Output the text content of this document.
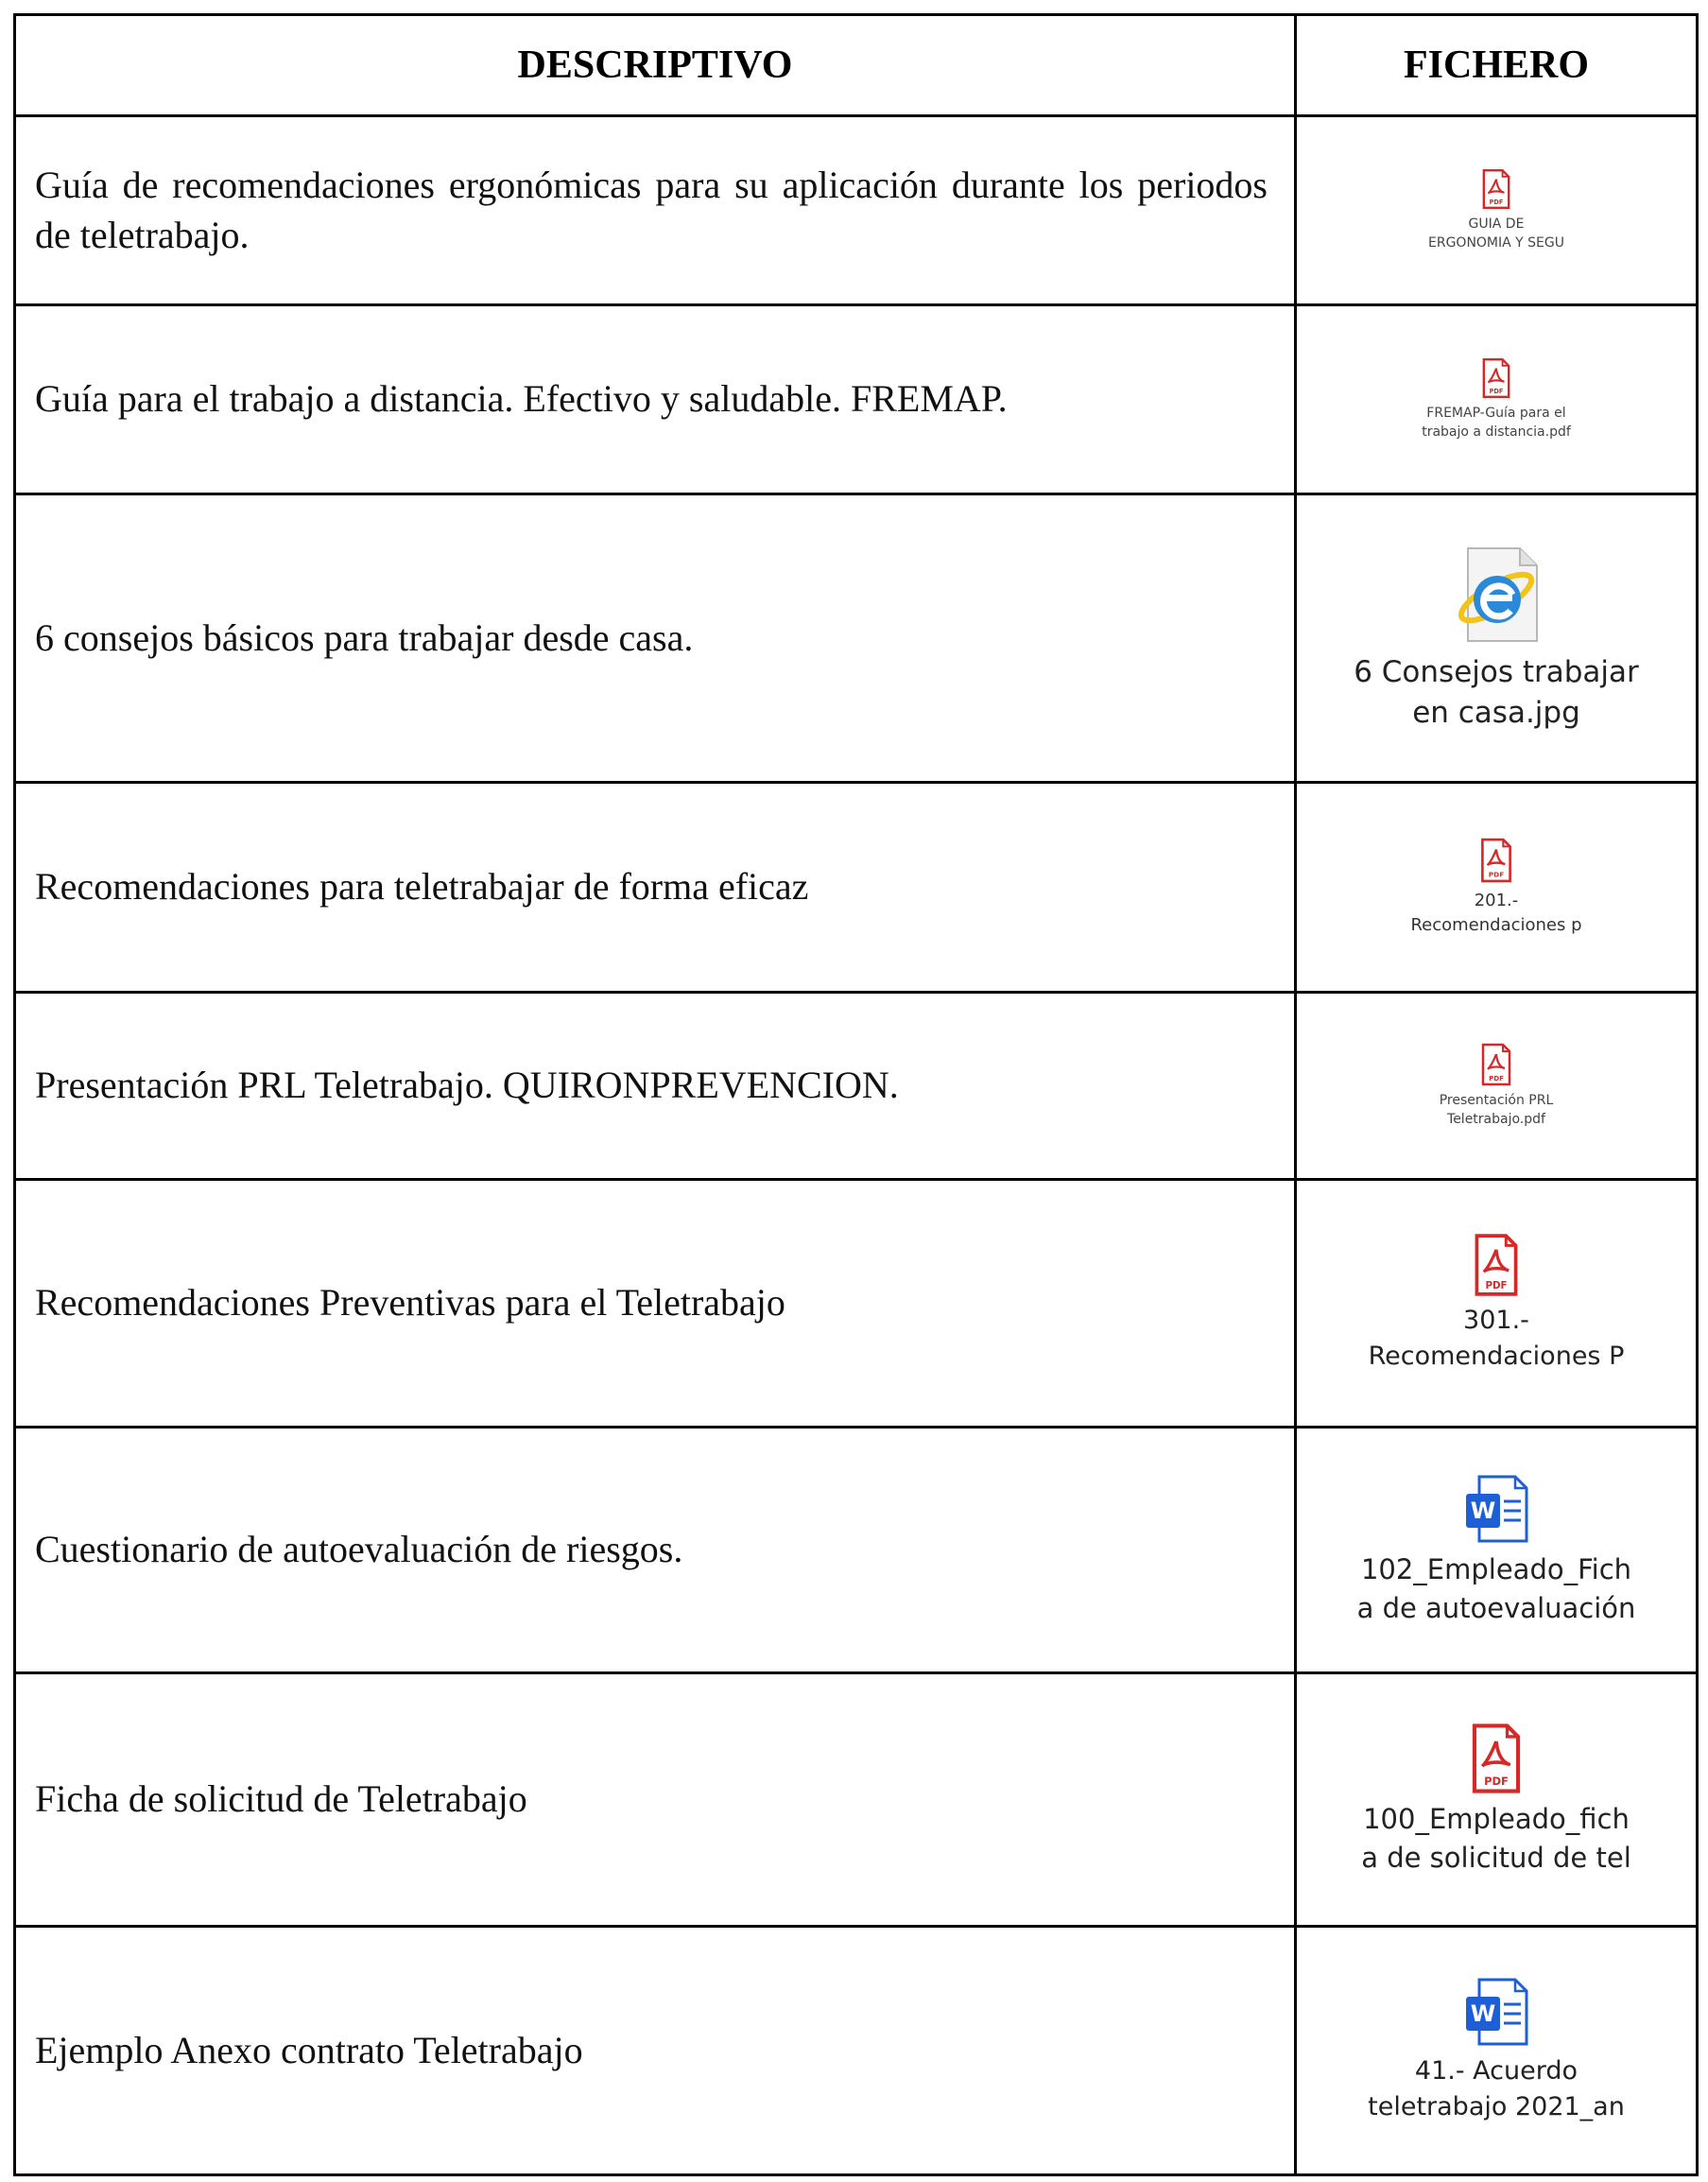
DESCRIPTIVO	FICHERO
Guía de recomendaciones ergonómicas para su aplicación durante los periodos de teletrabajo.	PDF
GUIA DE
ERGONOMIA Y SEGU

Guía para el trabajo a distancia. Efectivo y saludable. FREMAP.	PDF
FREMAP-Guía para el
trabajo a distancia.pdf

6 consejos básicos para trabajar desde casa.	6 Consejos trabajar
en casa.jpg

Recomendaciones para teletrabajar de forma eficaz	PDF
201.-
Recomendaciones p

Presentación PRL Teletrabajo. QUIRONPREVENCION.	PDF
Presentación PRL
Teletrabajo.pdf

Recomendaciones Preventivas para el Teletrabajo	PDF
301.-
Recomendaciones P

Cuestionario de autoevaluación de riesgos.	W
102_Empleado_Fich
a de autoevaluación

Ficha de solicitud de Teletrabajo	PDF
100_Empleado_fich
a de solicitud de tel

Ejemplo Anexo contrato Teletrabajo	W
41.- Acuerdo
teletrabajo 2021_an
